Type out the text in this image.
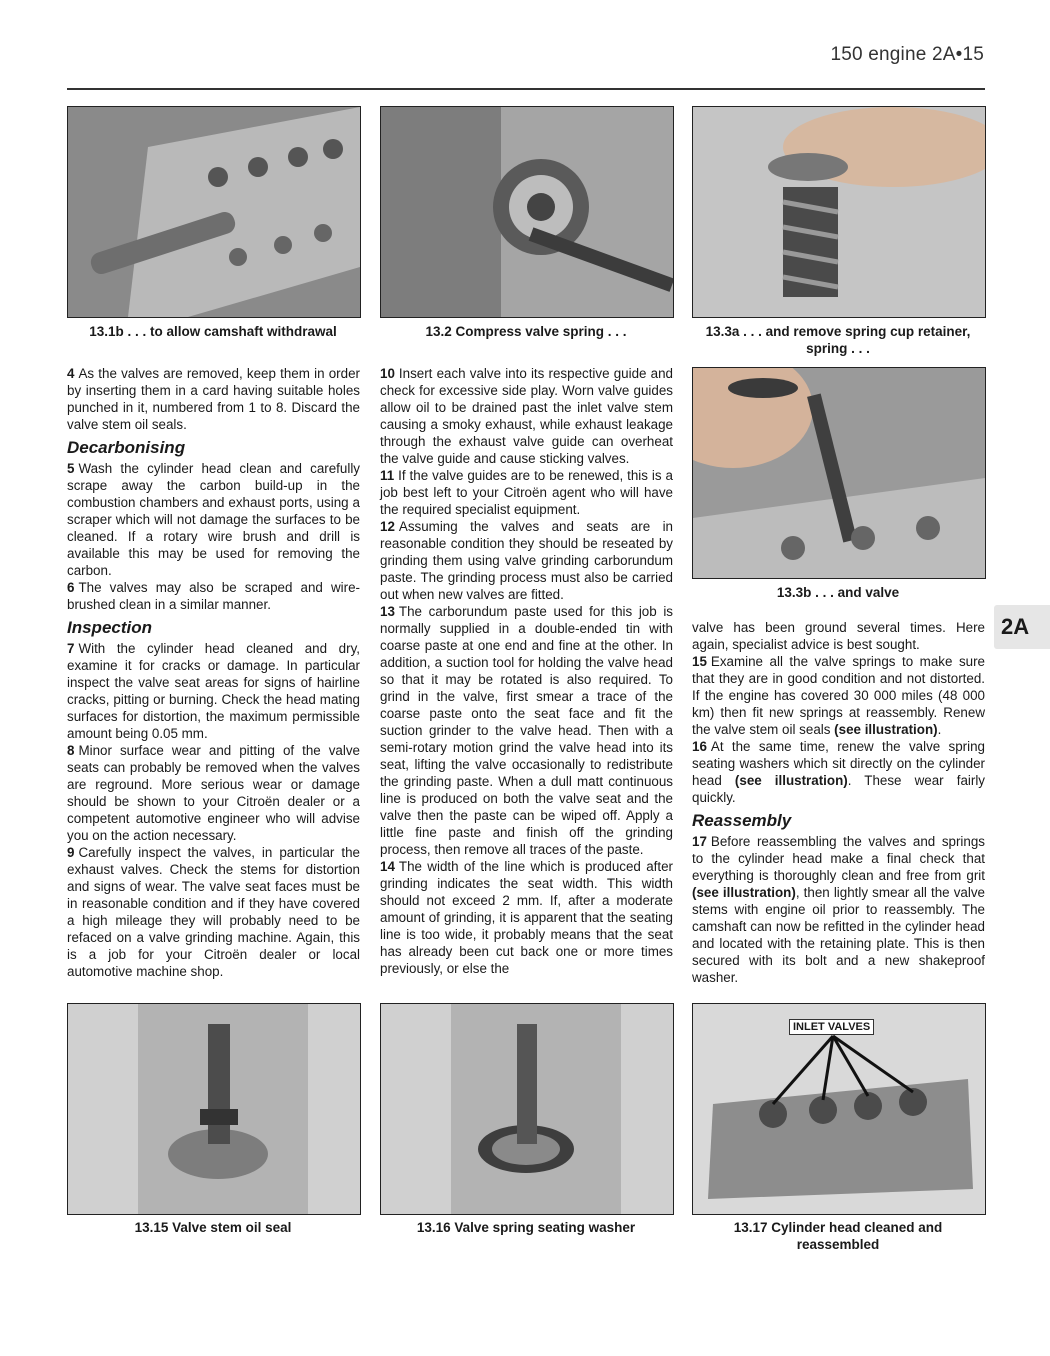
150 engine 2A•15
13.1b . . . to allow camshaft withdrawal	13.2 Compress valve spring . . .	13.3a . . . and remove spring cup retainer, spring . . .
13.3b . . . and valve

4 As the valves are removed, keep them in order by inserting them in a card having suitable holes punched in it, numbered from 1 to 8. Discard the valve stem oil seals.

Decarbonising

5 Wash the cylinder head clean and carefully scrape away the carbon build-up in the combustion chambers and exhaust ports, using a scraper which will not damage the surfaces to be cleaned. If a rotary wire brush and drill is available this may be used for removing the carbon.

6 The valves may also be scraped and wire-brushed clean in a similar manner.

Inspection

7 With the cylinder head cleaned and dry, examine it for cracks or damage. In particular inspect the valve seat areas for signs of hairline cracks, pitting or burning. Check the head mating surfaces for distortion, the maximum permissible amount being 0.05 mm.

8 Minor surface wear and pitting of the valve seats can probably be removed when the valves are reground. More serious wear or damage should be shown to your Citroën dealer or a competent automotive engineer who will advise you on the action necessary.

9 Carefully inspect the valves, in particular the exhaust valves. Check the stems for distortion and signs of wear. The valve seat faces must be in reasonable condition and if they have covered a high mileage they will probably need to be refaced on a valve grinding machine. Again, this is a job for your Citroën dealer or local automotive machine shop.

10 Insert each valve into its respective guide and check for excessive side play. Worn valve guides allow oil to be drained past the inlet valve stem causing a smoky exhaust, while exhaust leakage through the exhaust valve guide can overheat the valve guide and cause sticking valves.

11 If the valve guides are to be renewed, this is a job best left to your Citroën agent who will have the required specialist equipment.

12 Assuming the valves and seats are in reasonable condition they should be reseated by grinding them using valve grinding carborundum paste. The grinding process must also be carried out when new valves are fitted.

13 The carborundum paste used for this job is normally supplied in a double-ended tin with coarse paste at one end and fine at the other. In addition, a suction tool for holding the valve head so that it may be rotated is also required. To grind in the valve, first smear a trace of the coarse paste onto the seat face and fit the suction grinder to the valve head. Then with a semi-rotary motion grind the valve head into its seat, lifting the valve occasionally to redistribute the grinding paste. When a dull matt continuous line is produced on both the valve seat and the valve then the paste can be wiped off. Apply a little fine paste and finish off the grinding process, then remove all traces of the paste.

14 The width of the line which is produced after grinding indicates the seat width. This width should not exceed 2 mm. If, after a moderate amount of grinding, it is apparent that the seating line is too wide, it probably means that the seat has already been cut back one or more times previously, or else the

valve has been ground several times. Here again, specialist advice is best sought.

15 Examine all the valve springs to make sure that they are in good condition and not distorted. If the engine has covered 30 000 miles (48 000 km) then fit new springs at reassembly. Renew the valve stem oil seals (see illustration).

16 At the same time, renew the valve spring seating washers which sit directly on the cylinder head (see illustration). These wear fairly quickly.

Reassembly

17 Before reassembling the valves and springs to the cylinder head make a final check that everything is thoroughly clean and free from grit (see illustration), then lightly smear all the valve stems with engine oil prior to reassembly. The camshaft can now be refitted in the cylinder head and located with the retaining plate. This is then secured with its bolt and a new shakeproof washer.

2A
13.15 Valve stem oil seal	13.16 Valve spring seating washer
INLET VALVES
13.17 Cylinder head cleaned and reassembled
